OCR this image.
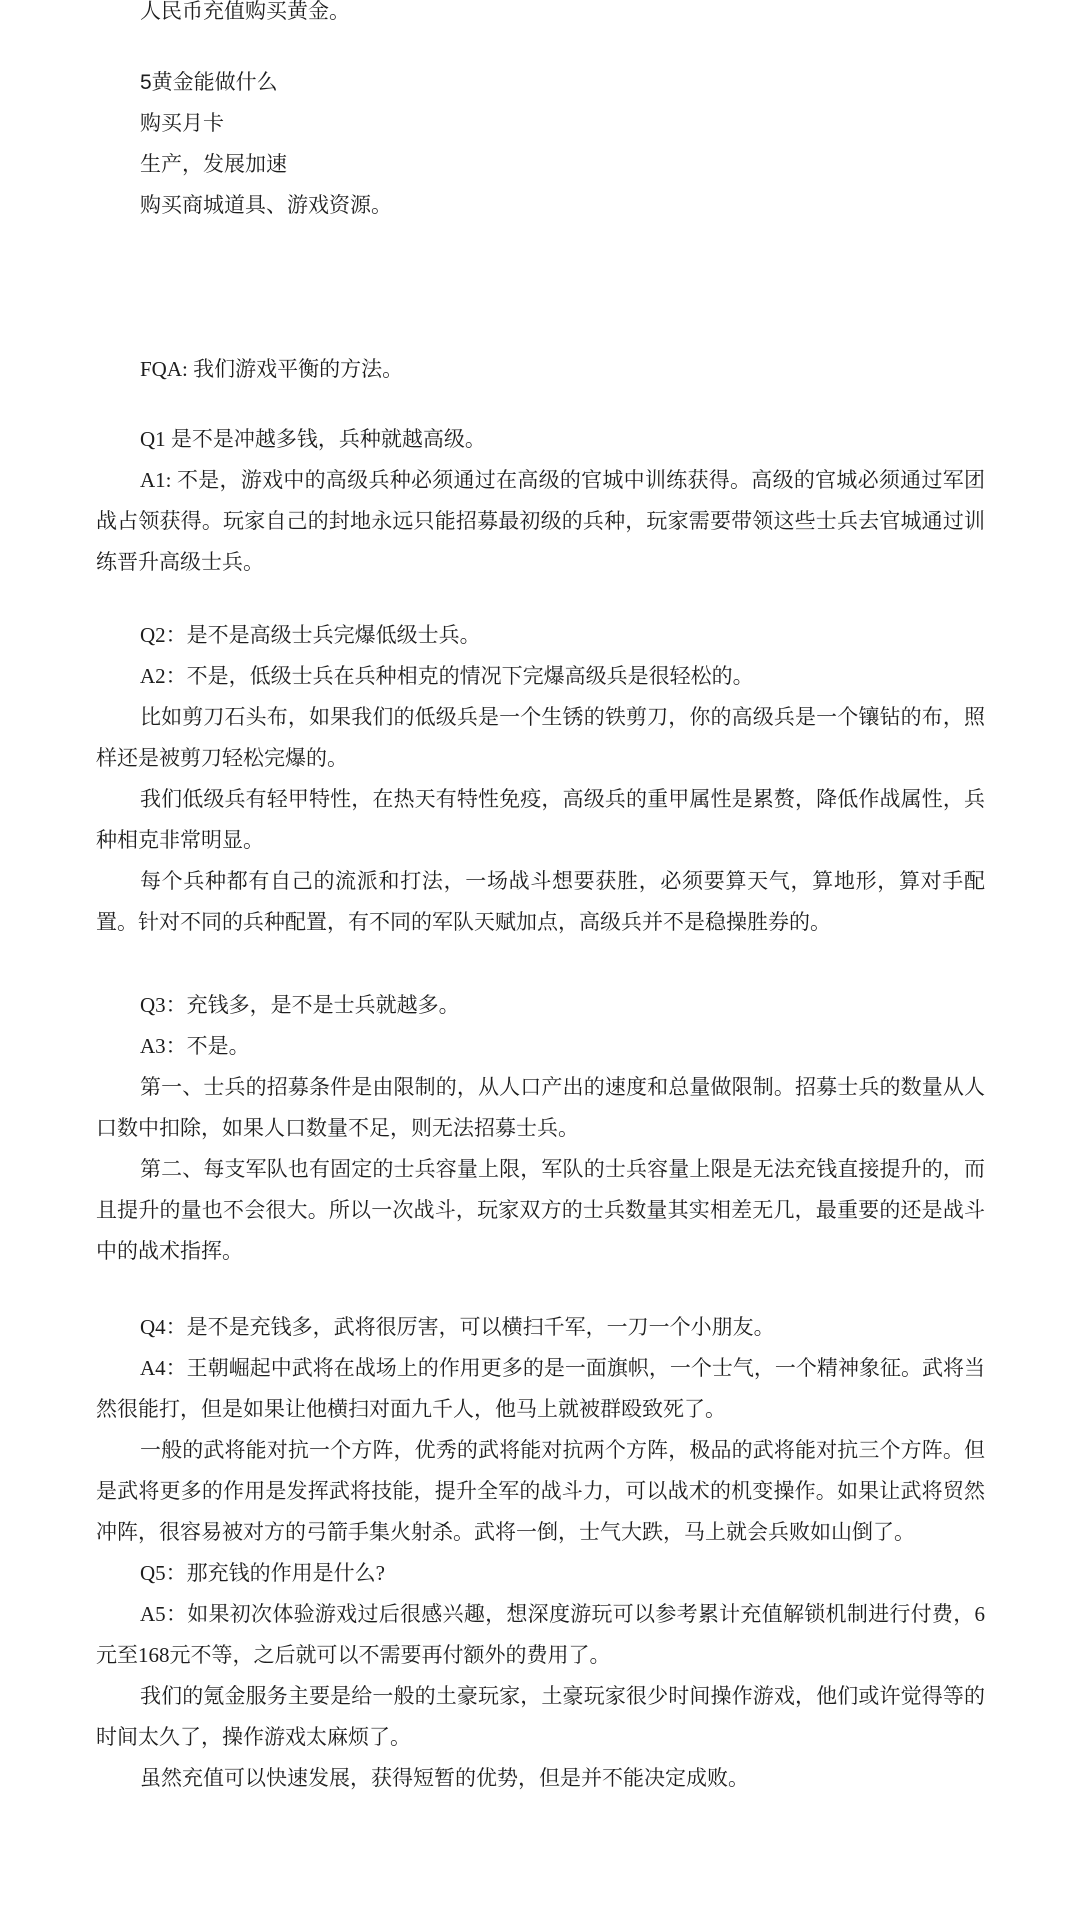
人民币充值购买黄金。

5黄金能做什么

购买月卡

生产，发展加速

购买商城道具、游戏资源。

FQA: 我们游戏平衡的方法。

Q1 是不是冲越多钱，兵种就越高级。

A1: 不是，游戏中的高级兵种必须通过在高级的官城中训练获得。高级的官城必须通过军团战占领获得。玩家自己的封地永远只能招募最初级的兵种，玩家需要带领这些士兵去官城通过训练晋升高级士兵。

Q2：是不是高级士兵完爆低级士兵。

A2：不是，低级士兵在兵种相克的情况下完爆高级兵是很轻松的。

比如剪刀石头布，如果我们的低级兵是一个生锈的铁剪刀，你的高级兵是一个镶钻的布，照样还是被剪刀轻松完爆的。

我们低级兵有轻甲特性，在热天有特性免疫，高级兵的重甲属性是累赘，降低作战属性，兵种相克非常明显。

每个兵种都有自己的流派和打法，一场战斗想要获胜，必须要算天气，算地形，算对手配置。针对不同的兵种配置，有不同的军队天赋加点，高级兵并不是稳操胜券的。

Q3：充钱多，是不是士兵就越多。

A3：不是。

第一、士兵的招募条件是由限制的，从人口产出的速度和总量做限制。招募士兵的数量从人口数中扣除，如果人口数量不足，则无法招募士兵。

第二、每支军队也有固定的士兵容量上限，军队的士兵容量上限是无法充钱直接提升的，而且提升的量也不会很大。所以一次战斗，玩家双方的士兵数量其实相差无几，最重要的还是战斗中的战术指挥。

Q4：是不是充钱多，武将很厉害，可以横扫千军，一刀一个小朋友。

A4：王朝崛起中武将在战场上的作用更多的是一面旗帜，一个士气，一个精神象征。武将当然很能打，但是如果让他横扫对面九千人，他马上就被群殴致死了。

一般的武将能对抗一个方阵，优秀的武将能对抗两个方阵，极品的武将能对抗三个方阵。但是武将更多的作用是发挥武将技能，提升全军的战斗力，可以战术的机变操作。如果让武将贸然冲阵，很容易被对方的弓箭手集火射杀。武将一倒，士气大跌，马上就会兵败如山倒了。

Q5：那充钱的作用是什么?

A5：如果初次体验游戏过后很感兴趣，想深度游玩可以参考累计充值解锁机制进行付费，6元至168元不等，之后就可以不需要再付额外的费用了。

我们的氪金服务主要是给一般的土豪玩家，土豪玩家很少时间操作游戏，他们或许觉得等的时间太久了，操作游戏太麻烦了。

虽然充值可以快速发展，获得短暂的优势，但是并不能决定成败。
